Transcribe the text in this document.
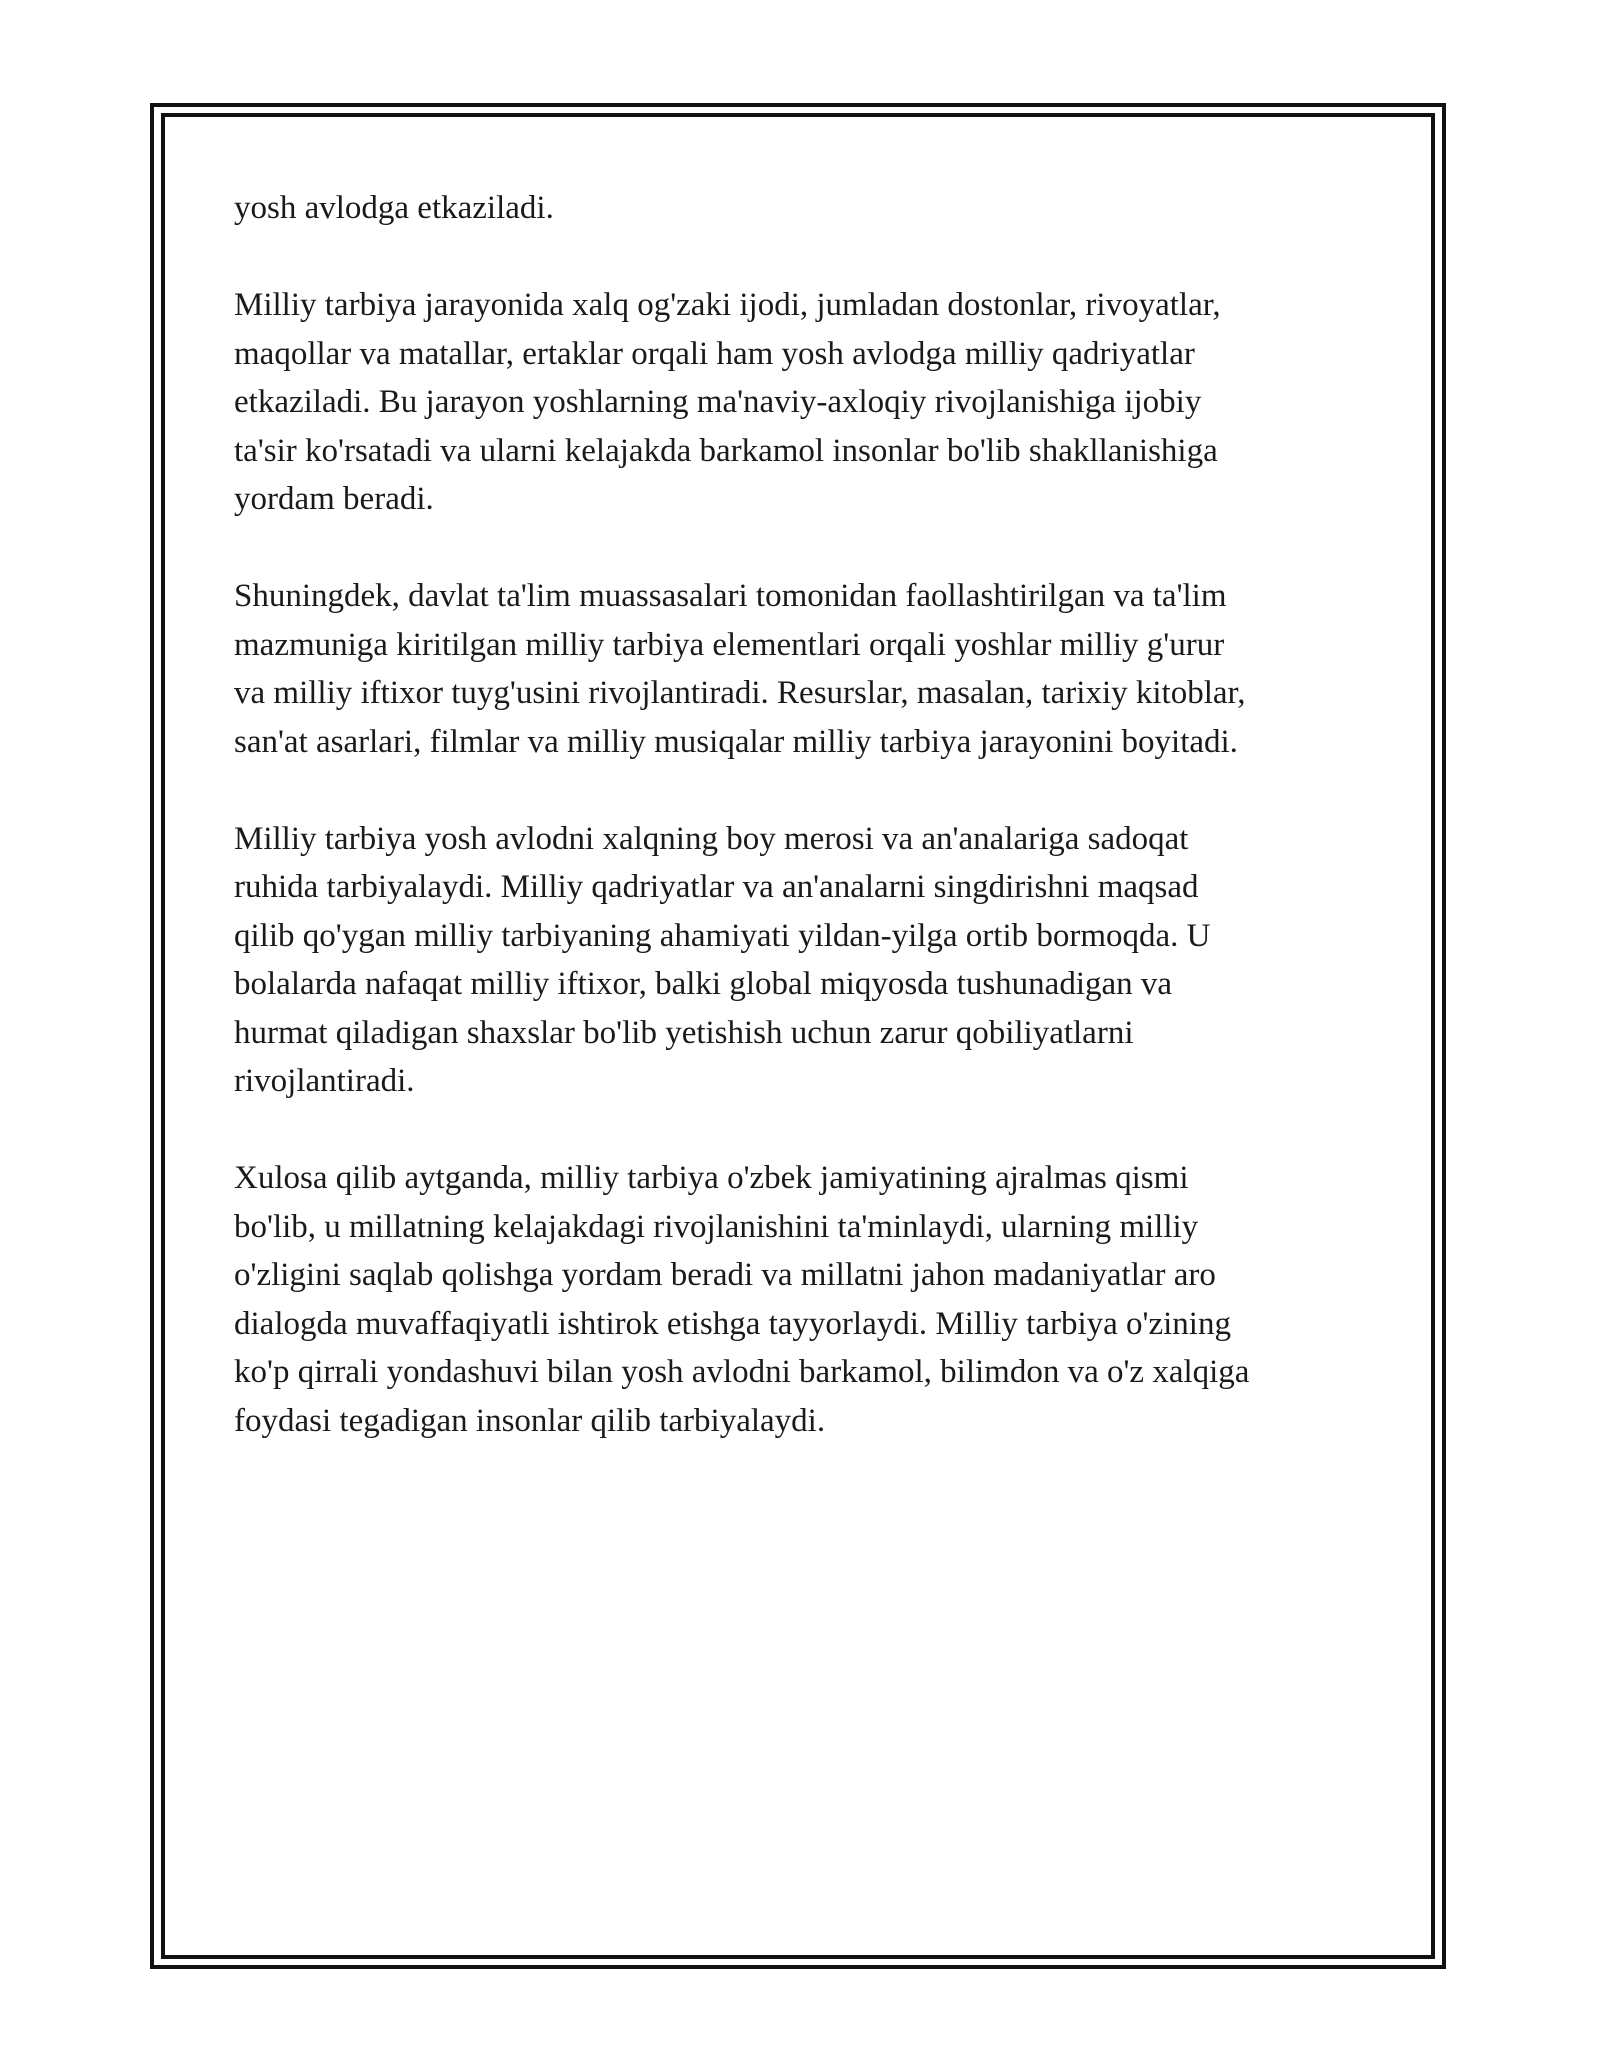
yosh avlodga etkaziladi.

Milliy tarbiya jarayonida xalq og'zaki ijodi, jumladan dostonlar, rivoyatlar,
maqollar va matallar, ertaklar orqali ham yosh avlodga milliy qadriyatlar
etkaziladi. Bu jarayon yoshlarning ma'naviy-axloqiy rivojlanishiga ijobiy
ta'sir ko'rsatadi va ularni kelajakda barkamol insonlar bo'lib shakllanishiga
yordam beradi.

Shuningdek, davlat ta'lim muassasalari tomonidan faollashtirilgan va ta'lim
mazmuniga kiritilgan milliy tarbiya elementlari orqali yoshlar milliy g'urur
va milliy iftixor tuyg'usini rivojlantiradi. Resurslar, masalan, tarixiy kitoblar,
san'at asarlari, filmlar va milliy musiqalar milliy tarbiya jarayonini boyitadi.

Milliy tarbiya yosh avlodni xalqning boy merosi va an'analariga sadoqat
ruhida tarbiyalaydi. Milliy qadriyatlar va an'analarni singdirishni maqsad
qilib qo'ygan milliy tarbiyaning ahamiyati yildan-yilga ortib bormoqda. U
bolalarda nafaqat milliy iftixor, balki global miqyosda tushunadigan va
hurmat qiladigan shaxslar bo'lib yetishish uchun zarur qobiliyatlarni
rivojlantiradi.

Xulosa qilib aytganda, milliy tarbiya o'zbek jamiyatining ajralmas qismi
bo'lib, u millatning kelajakdagi rivojlanishini ta'minlaydi, ularning milliy
o'zligini saqlab qolishga yordam beradi va millatni jahon madaniyatlar aro
dialogda muvaffaqiyatli ishtirok etishga tayyorlaydi. Milliy tarbiya o'zining
ko'p qirrali yondashuvi bilan yosh avlodni barkamol, bilimdon va o'z xalqiga
foydasi tegadigan insonlar qilib tarbiyalaydi.
